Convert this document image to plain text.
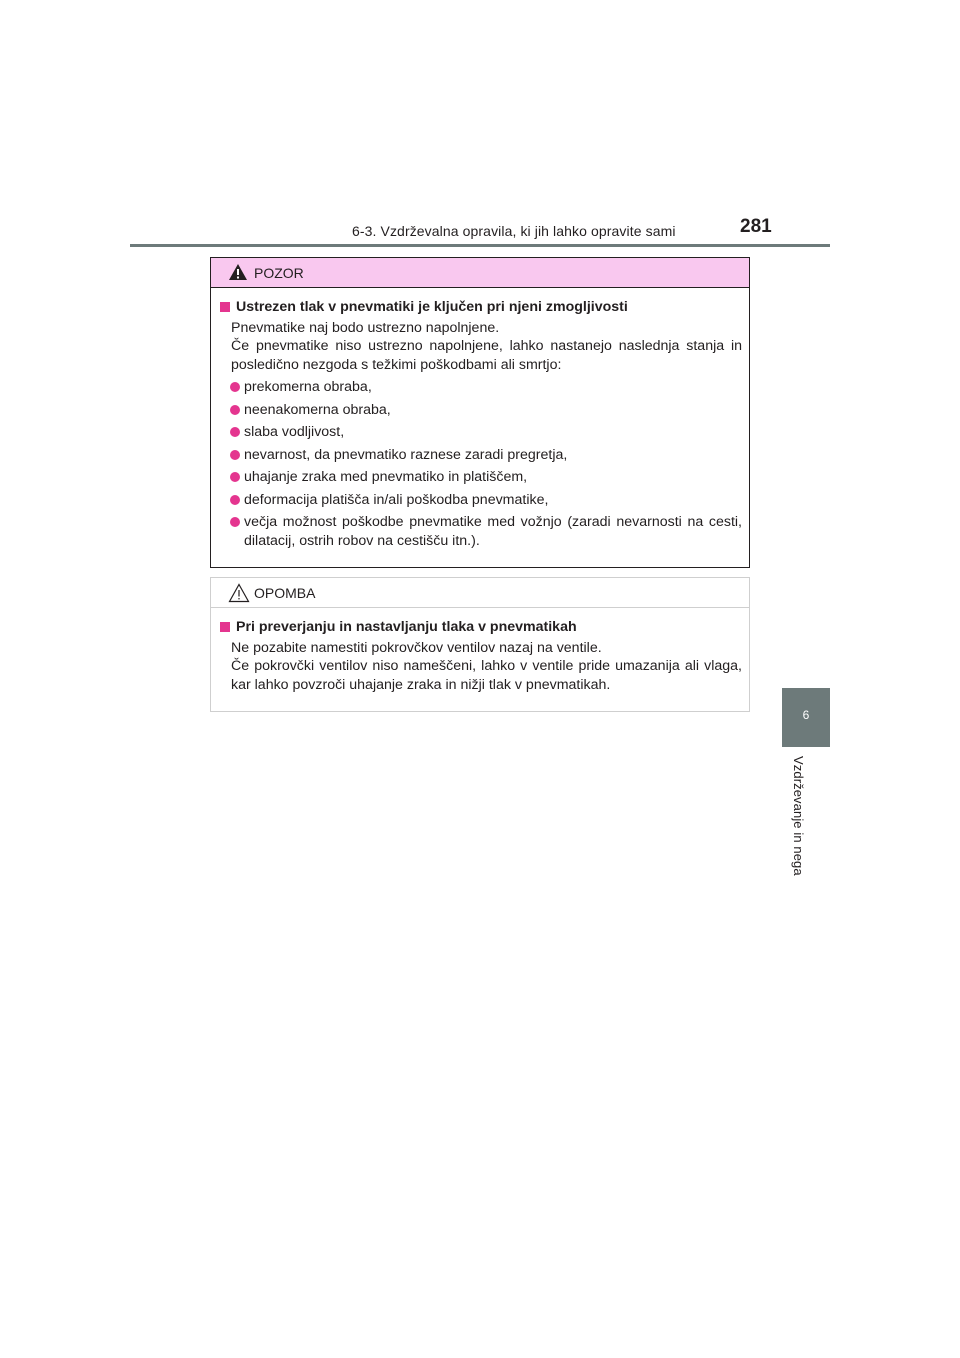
6-3. Vzdrževalna opravila, ki jih lahko opravite sami	281
6
Vzdrževanje in nega
POZOR
Ustrezen tlak v pnevmatiki je ključen pri njeni zmogljivosti
Pnevmatike naj bodo ustrezno napolnjene.
Če pnevmatike niso ustrezno napolnjene, lahko nastanejo naslednja stanja in posledično nezgoda s težkimi poškodbami ali smrtjo:
prekomerna obraba,
neenakomerna obraba,
slaba vodljivost,
nevarnost, da pnevmatiko raznese zaradi pregretja,
uhajanje zraka med pnevmatiko in platiščem,
deformacija platišča in/ali poškodba pnevmatike,
večja možnost poškodbe pnevmatike med vožnjo (zaradi nevarnosti na cesti, dilatacij, ostrih robov na cestišču itn.).
OPOMBA
Pri preverjanju in nastavljanju tlaka v pnevmatikah
Ne pozabite namestiti pokrovčkov ventilov nazaj na ventile.
Če pokrovčki ventilov niso nameščeni, lahko v ventile pride umazanija ali vlaga, kar lahko povzroči uhajanje zraka in nižji tlak v pnevmatikah.
